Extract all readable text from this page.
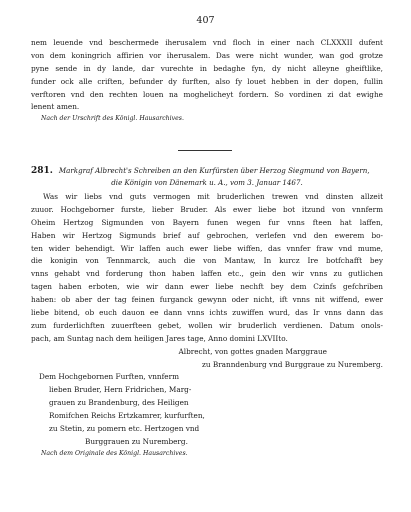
407
nem leuende vnd beschermede iherusalem vnd floch in einer nach CLXXXII dufent
von dem koningrich affirien vor iherusalem. Das were nicht wunder, wan god grotze
pyne sende in dy lande, dar vurechte in bedaghe fyn, dy nicht alleyne gheiftlike,
funder ock alle criften, befunder dy furften, also fy louet hebben in der dopen, fullin
verftoren vnd den rechten louen na moghelicheyt fordern. So vordinen zi dat ewighe
lenent amen.
Nach der Urschrift des Königl. Hausarchives.
281. Markgraf Albrecht's Schreiben an den Kurfürsten über Herzog Siegmund von Bayern,
die Königin von Dänemark u. A., vom 3. Januar 1467.
Was wir liebs vnd guts vermogen mit bruderlichen trewen vnd dinsten allzeit
zuuor. Hochgeborner furste, lieber Bruder. Als ewer liebe bot itzund von vnnferm
Oheim Hertzog Sigmunden von Bayern funen wegen fur vnns fteen hat laffen,
Haben wir Hertzog Sigmunds brief auf gebrochen, verlefen vnd den ewerem bo-
ten wider behendigt. Wir laffen auch ewer liebe wiffen, das vnnfer fraw vnd mume,
die konigin von Tennmarck, auch die von Mantaw, In kurcz Ire botfchafft bey
vnns gehabt vnd forderung thon haben laffen etc., gein den wir vnns zu gutlichen
tagen haben erboten, wie wir dann ewer liebe nechft bey dem Czinfs gefchriben
haben: ob aber der tag feinen furganck gewynn oder nicht, ift vnns nit wiffend, ewer
liebe bitend, ob euch dauon ee dann vnns ichts zuwiffen wurd, das Ir vnns dann das
zum furderlichften zuuerfteen gebet, wollen wir bruderlich verdienen. Datum onols-
pach, am Suntag nach dem heiligen Jares tage, Anno domini LXVIIto.
Albrecht, von gottes gnaden Marggraue
zu Branndenburg vnd Burggraue zu Nuremberg.
Dem Hochgebornen Furften, vnnferm
lieben Bruder, Hern Fridrichen, Marg-
grauen zu Brandenburg, des Heiligen
Romifchen Reichs Ertzkamrer, kurfurften,
zu Stetin, zu pomern etc. Hertzogen vnd
Burggrauen zu Nuremberg.
Nach dem Originale des Königl. Hausarchives.
